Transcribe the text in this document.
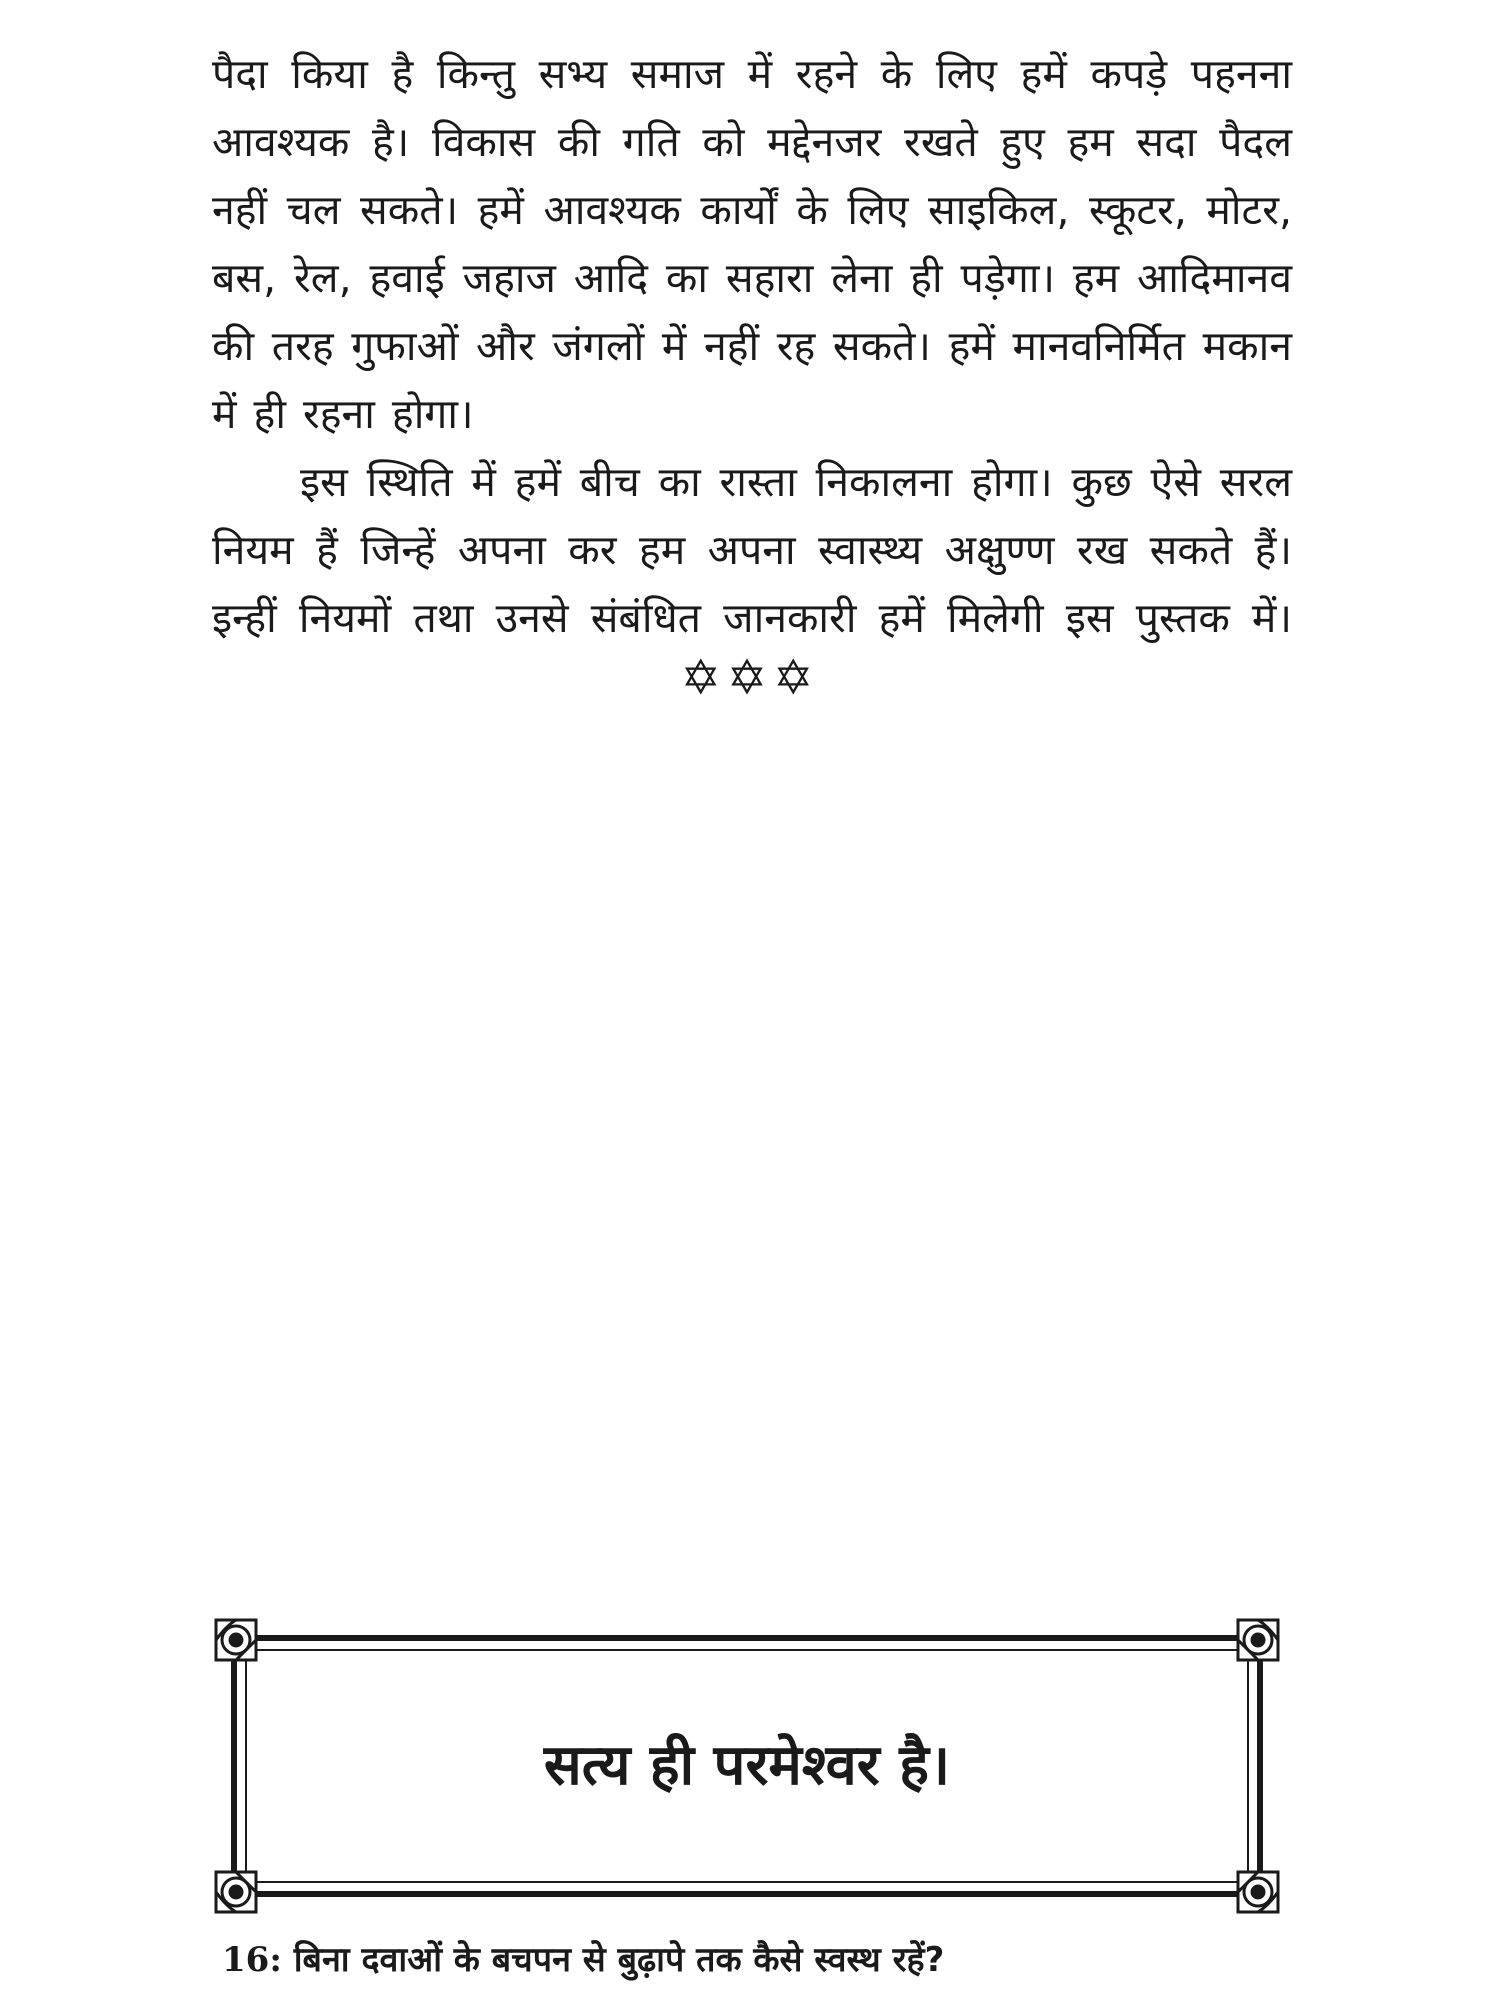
पैदा किया है किन्तु सभ्य समाज में रहने के लिए हमें कपड़े पहनना

आवश्यक है। विकास की गति को मद्देनजर रखते हुए हम सदा पैदल

नहीं चल सकते। हमें आवश्यक कार्यों के लिए साइकिल, स्कूटर, मोटर,

बस, रेल, हवाई जहाज आदि का सहारा लेना ही पड़ेगा। हम आदिमानव

की तरह गुफाओं और जंगलों में नहीं रह सकते। हमें मानवनिर्मित मकान

में ही रहना होगा।

इस स्थिति में हमें बीच का रास्ता निकालना होगा। कुछ ऐसे सरल

नियम हैं जिन्हें अपना कर हम अपना स्वास्थ्य अक्षुण्ण रख सकते हैं।

इन्हीं नियमों तथा उनसे संबंधित जानकारी हमें मिलेगी इस पुस्तक में।

✡✡✡
सत्य ही परमेश्वर है।
16: बिना दवाओं के बचपन से बुढ़ापे तक कैसे स्वस्थ रहें?
